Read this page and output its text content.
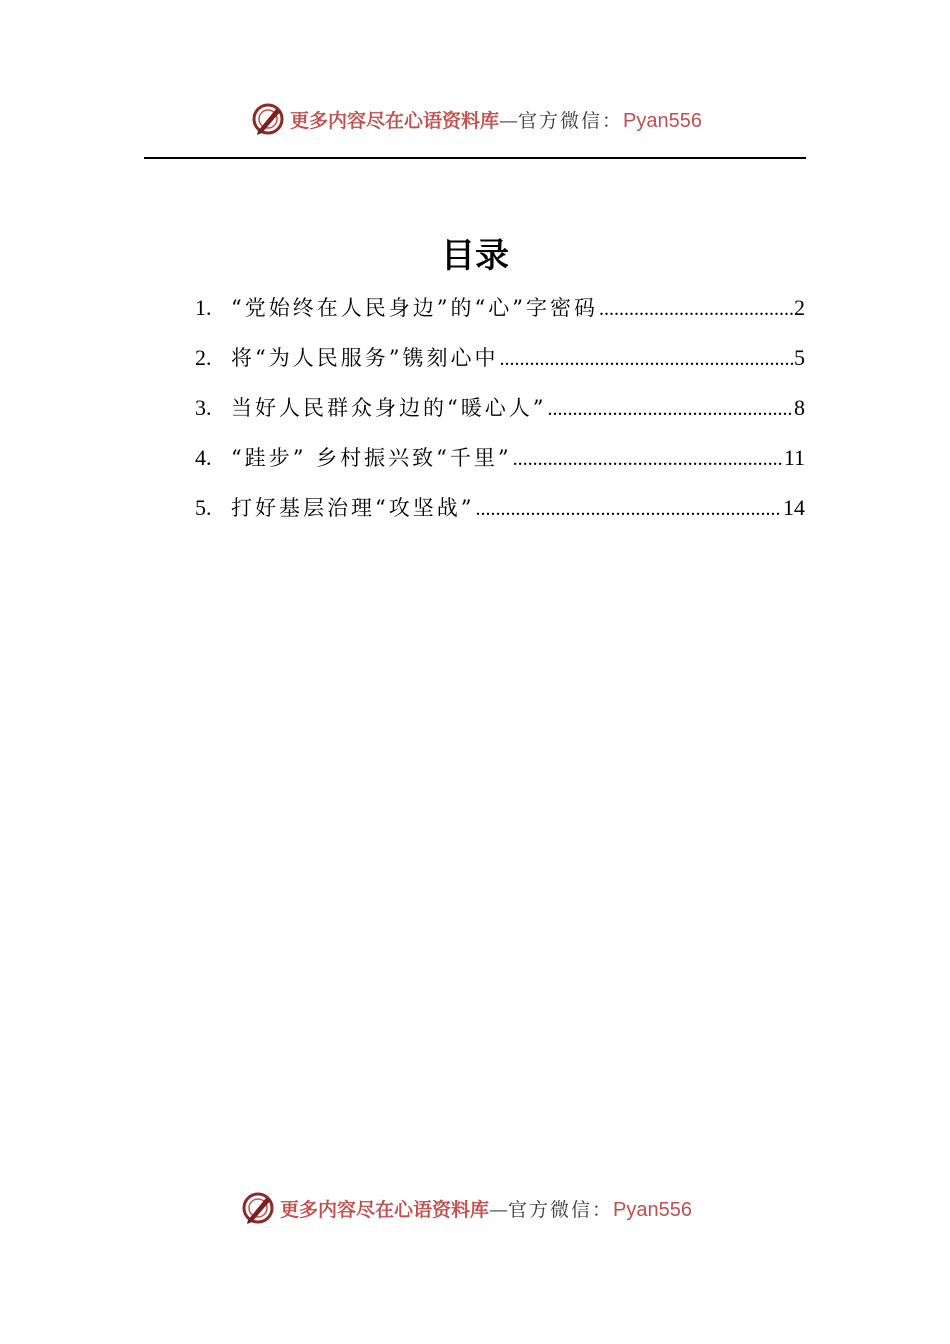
更多内容尽在心语资料库—官方微信：Pyan556
目录
1. “党始终在人民身边”的“心”字密码 .....	2
2. 将“为人民服务”镌刻心中 .....	5
3. 当好人民群众身边的“暖心人” .....	8
4. “跬步” 乡村振兴致“千里” .....	11
5. 打好基层治理“攻坚战” .....	14
更多内容尽在心语资料库—官方微信：Pyan556
